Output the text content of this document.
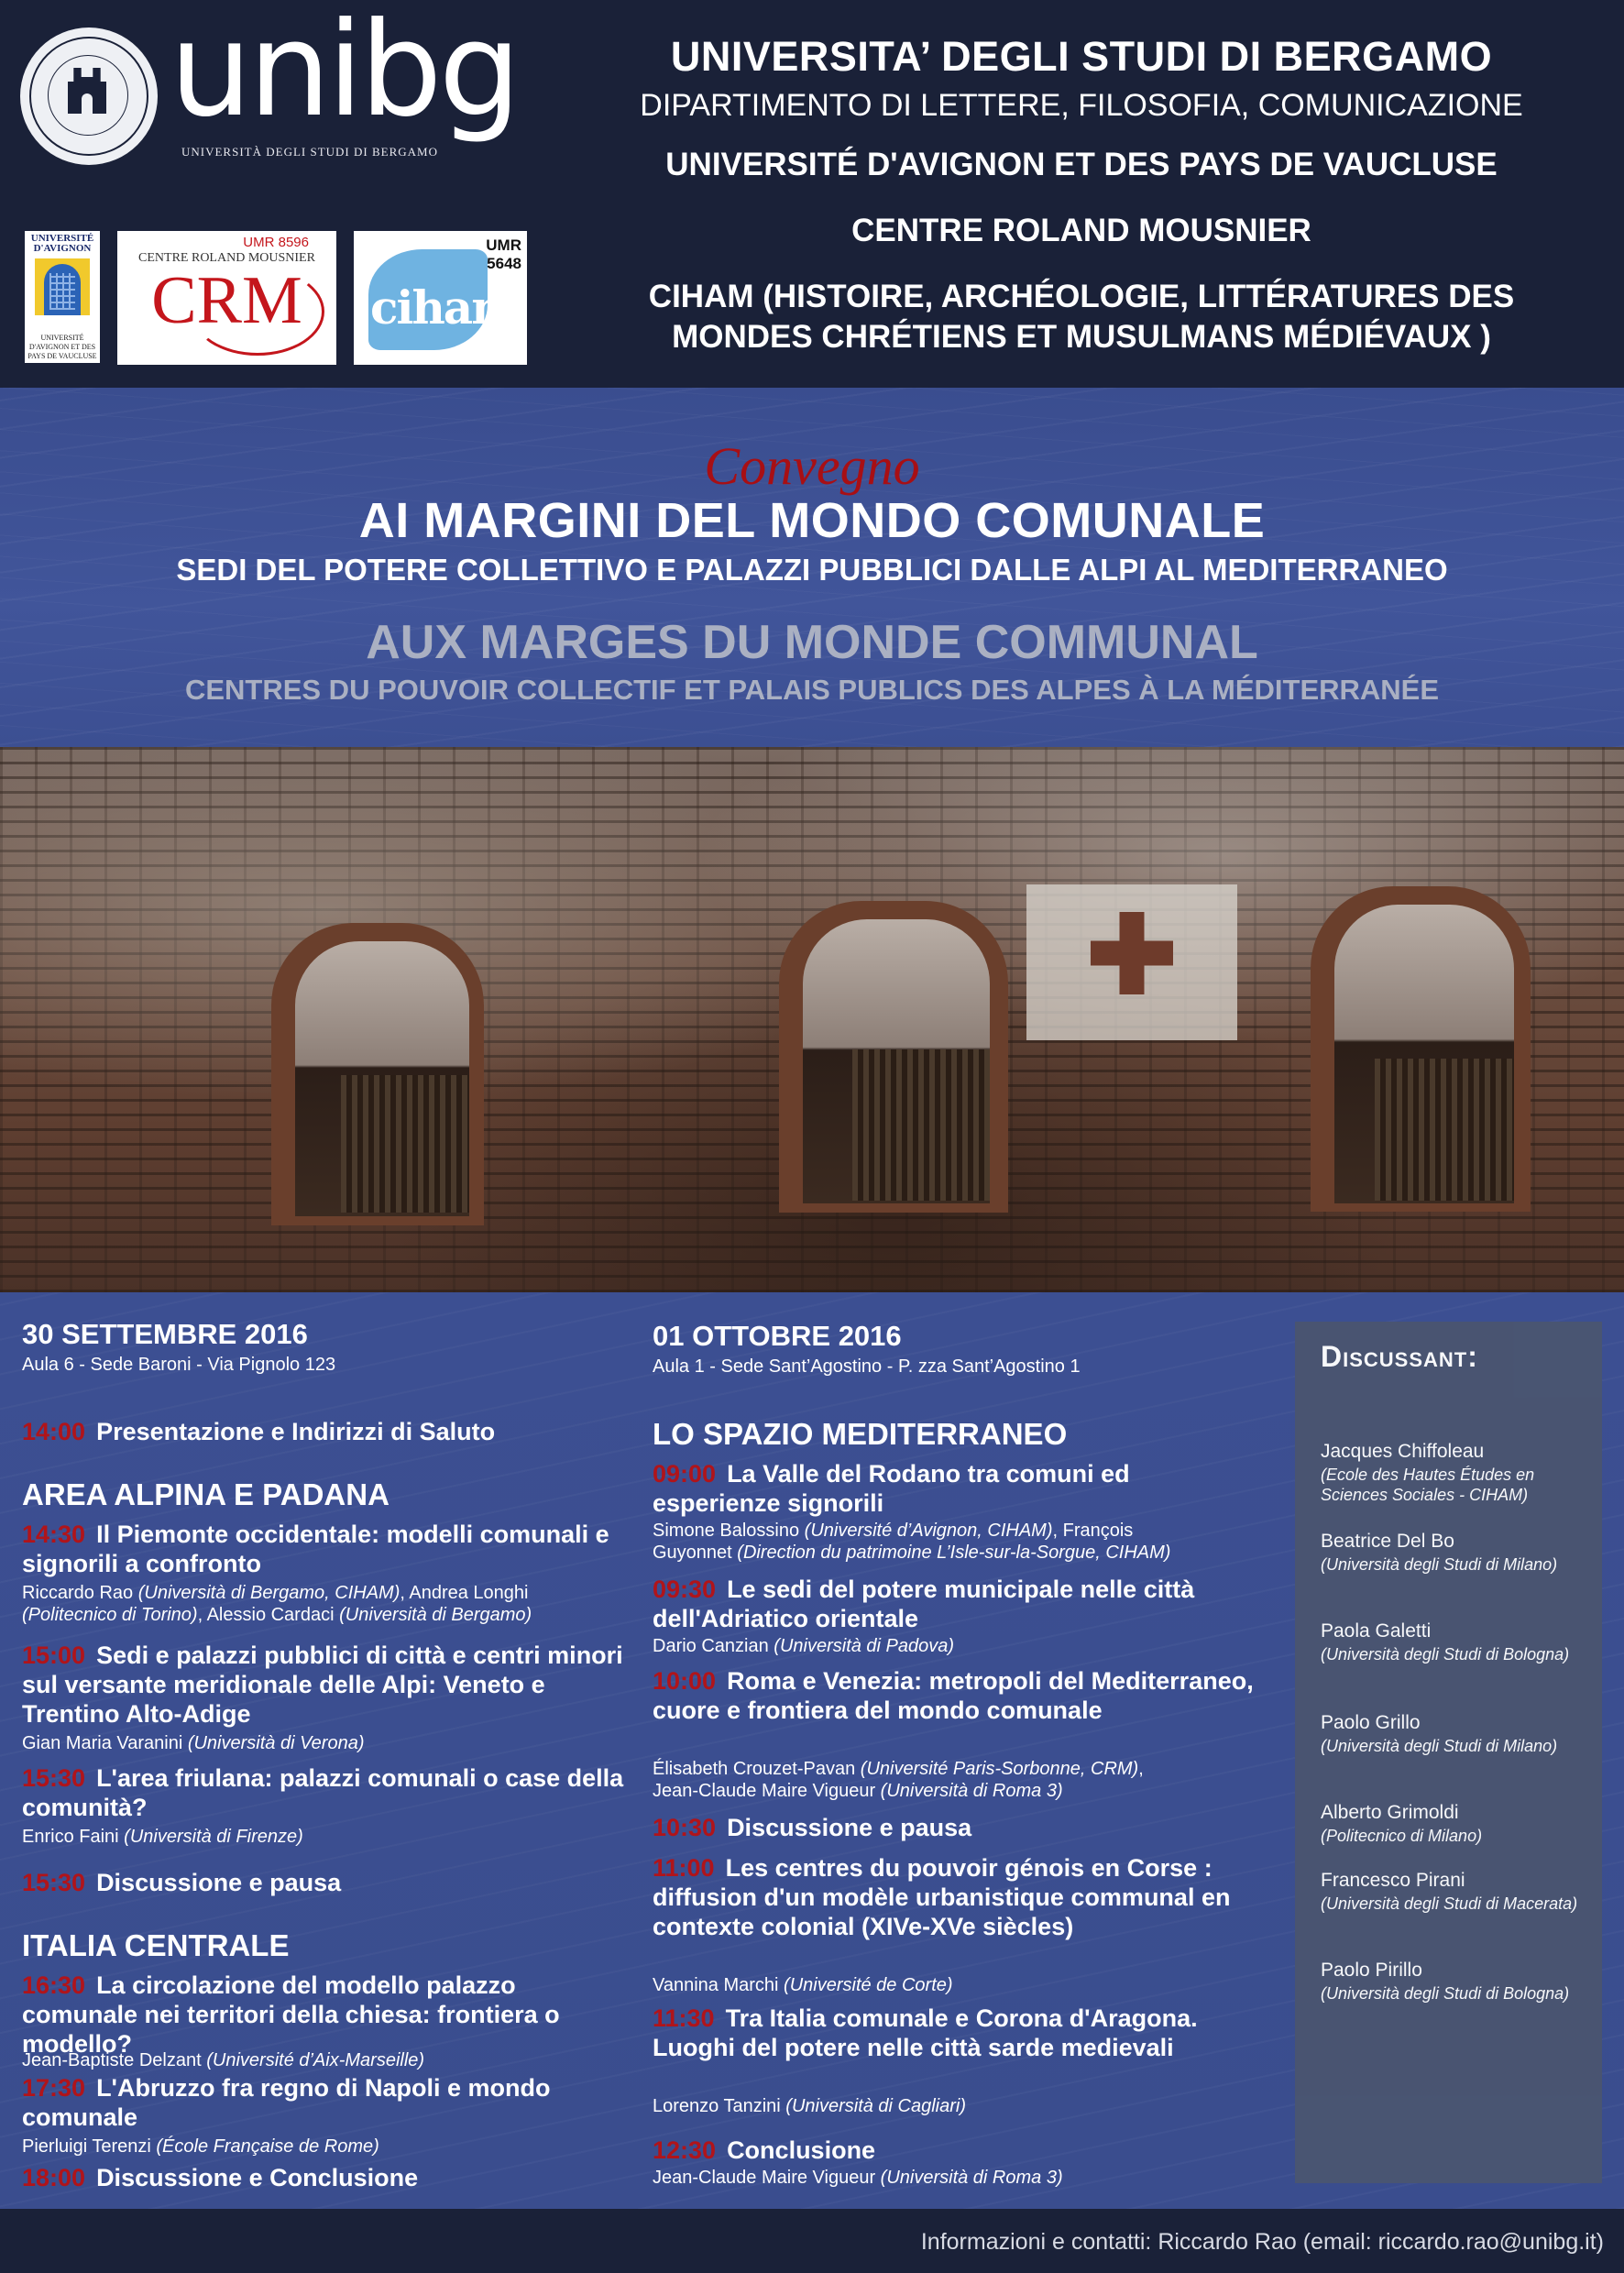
unibg
UNIVERSITÀ DEGLI STUDI DI BERGAMO
UNIVERSITÉ D'AVIGNON
UNIVERSITÉ D'AVIGNON ET DES PAYS DE VAUCLUSE
UMR 8596
CENTRE ROLAND MOUSNIER
CRM	ciham
UMR 5648
UNIVERSITA’ DEGLI STUDI DI BERGAMO
DIPARTIMENTO DI LETTERE, FILOSOFIA, COMUNICAZIONE
UNIVERSITÉ D'AVIGNON ET DES PAYS DE VAUCLUSE
CENTRE ROLAND MOUSNIER
CIHAM (HISTOIRE, ARCHÉOLOGIE, LITTÉRATURES DES
MONDES CHRÉTIENS ET MUSULMANS MÉDIÉVAUX )
Convegno
AI MARGINI DEL MONDO COMUNALE
SEDI DEL POTERE COLLETTIVO E PALAZZI PUBBLICI DALLE ALPI AL MEDITERRANEO
AUX MARGES DU MONDE COMMUNAL
CENTRES DU POUVOIR COLLECTIF ET PALAIS PUBLICS DES ALPES À LA MÉDITERRANÉE
30 SETTEMBRE 2016
Aula 6 - Sede Baroni - Via Pignolo 123
14:00 Presentazione e Indirizzi di Saluto
AREA ALPINA E PADANA
14:30 Il Piemonte occidentale: modelli comunali e signorili a confronto
Riccardo Rao (Università di Bergamo, CIHAM), Andrea Longhi
(Politecnico di Torino), Alessio Cardaci (Università di Bergamo)
15:00 Sedi e palazzi pubblici di città e centri minori sul versante meridionale delle Alpi: Veneto e Trentino Alto-Adige
Gian Maria Varanini (Università di Verona)
15:30 L'area friulana: palazzi comunali o case della comunità?
Enrico Faini (Università di Firenze)
15:30 Discussione e pausa
ITALIA CENTRALE
16:30 La circolazione del modello palazzo comunale nei territori della chiesa: frontiera o modello?
Jean-Baptiste Delzant (Université d’Aix-Marseille)
17:30 L'Abruzzo fra regno di Napoli e mondo comunale
Pierluigi Terenzi (École Française de Rome)
18:00 Discussione e Conclusione
01 OTTOBRE 2016
Aula 1 - Sede Sant’Agostino - P. zza Sant’Agostino 1
LO SPAZIO MEDITERRANEO
09:00 La Valle del Rodano tra comuni ed esperienze signorili
Simone Balossino (Université d’Avignon, CIHAM), François
Guyonnet (Direction du patrimoine L’Isle-sur-la-Sorgue, CIHAM)
09:30 Le sedi del potere municipale nelle città dell'Adriatico orientale
Dario Canzian (Università di Padova)
10:00 Roma e Venezia: metropoli del Mediterraneo, cuore e frontiera del mondo comunale
Élisabeth Crouzet-Pavan (Université Paris-Sorbonne, CRM),
Jean-Claude Maire Vigueur (Università di Roma 3)
10:30 Discussione e pausa
11:00 Les centres du pouvoir génois en Corse : diffusion d'un modèle urbanistique communal en contexte colonial (XIVe-XVe siècles)
Vannina Marchi (Université de Corte)
11:30 Tra Italia comunale e Corona d'Aragona. Luoghi del potere nelle città sarde medievali
Lorenzo Tanzini (Università di Cagliari)
12:30 Conclusione
Jean-Claude Maire Vigueur (Università di Roma 3)
Discussant:
Jacques Chiffoleau
(Ecole des Hautes Études en Sciences Sociales - CIHAM)
Beatrice Del Bo
(Università degli Studi di Milano)
Paola Galetti
(Università degli Studi di Bologna)
Paolo Grillo
(Università degli Studi di Milano)
Alberto Grimoldi
(Politecnico di Milano)
Francesco Pirani
(Università degli Studi di Macerata)
Paolo Pirillo
(Università degli Studi di Bologna)
Informazioni e contatti: Riccardo Rao (email: riccardo.rao@unibg.it)
